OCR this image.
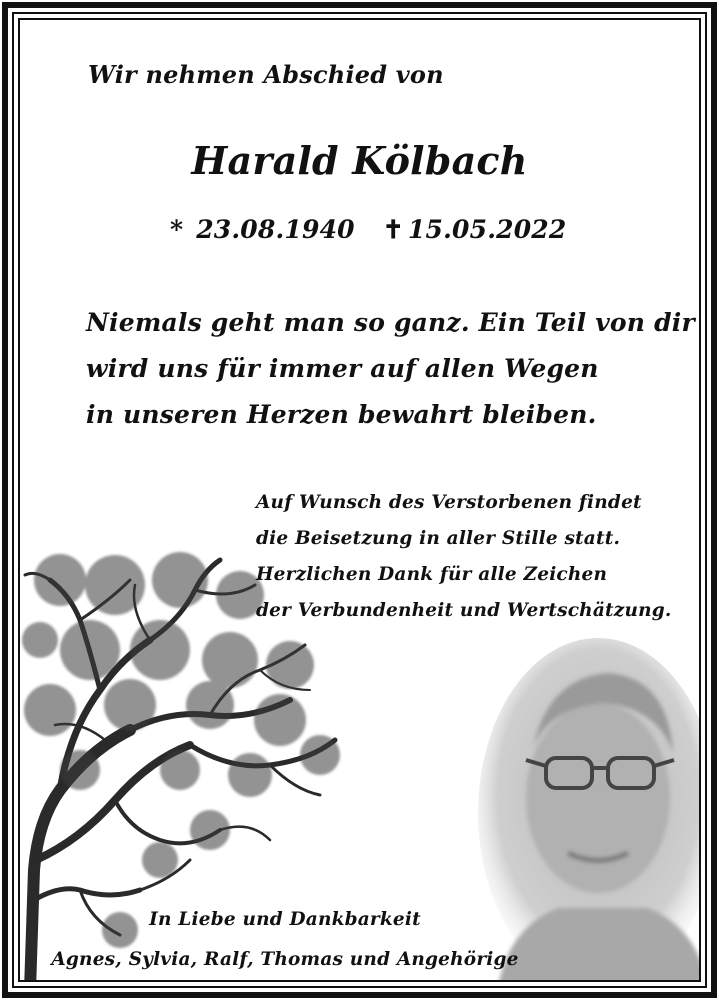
Wir nehmen Abschied von
Harald Kölbach
* 23.08.1940 ✝ 15.05.2022
Niemals geht man so ganz. Ein Teil von dir
wird uns für immer auf allen Wegen
in unseren Herzen bewahrt bleiben.
Auf Wunsch des Verstorbenen findet
die Beisetzung in aller Stille statt.
Herzlichen Dank für alle Zeichen
der Verbundenheit und Wertschätzung.
In Liebe und Dankbarkeit
Agnes, Sylvia, Ralf, Thomas und Angehörige
